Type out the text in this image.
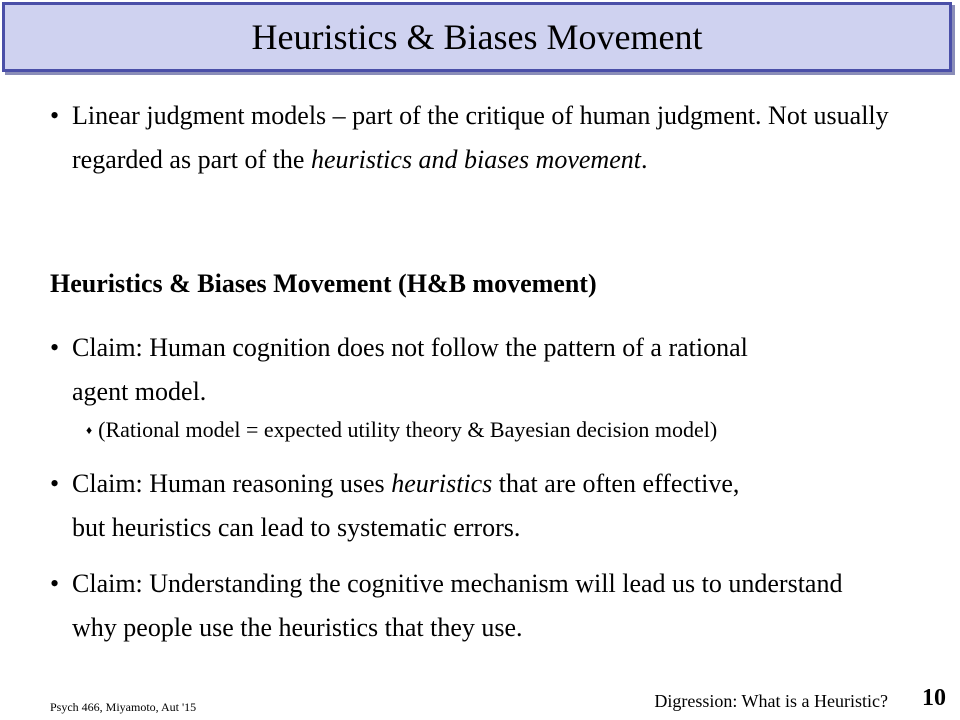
Heuristics & Biases Movement
• Linear judgment models – part of the critique of human judgment. Not usually regarded as part of the heuristics and biases movement.
Heuristics & Biases Movement (H&B movement)
• Claim: Human cognition does not follow the pattern of a rational agent model.
♦ (Rational model = expected utility theory & Bayesian decision model)
• Claim: Human reasoning uses heuristics that are often effective, but heuristics can lead to systematic errors.
• Claim: Understanding the cognitive mechanism will lead us to understand why people use the heuristics that they use.
Psych 466, Miyamoto, Aut '15	Digression: What is a Heuristic? 10
